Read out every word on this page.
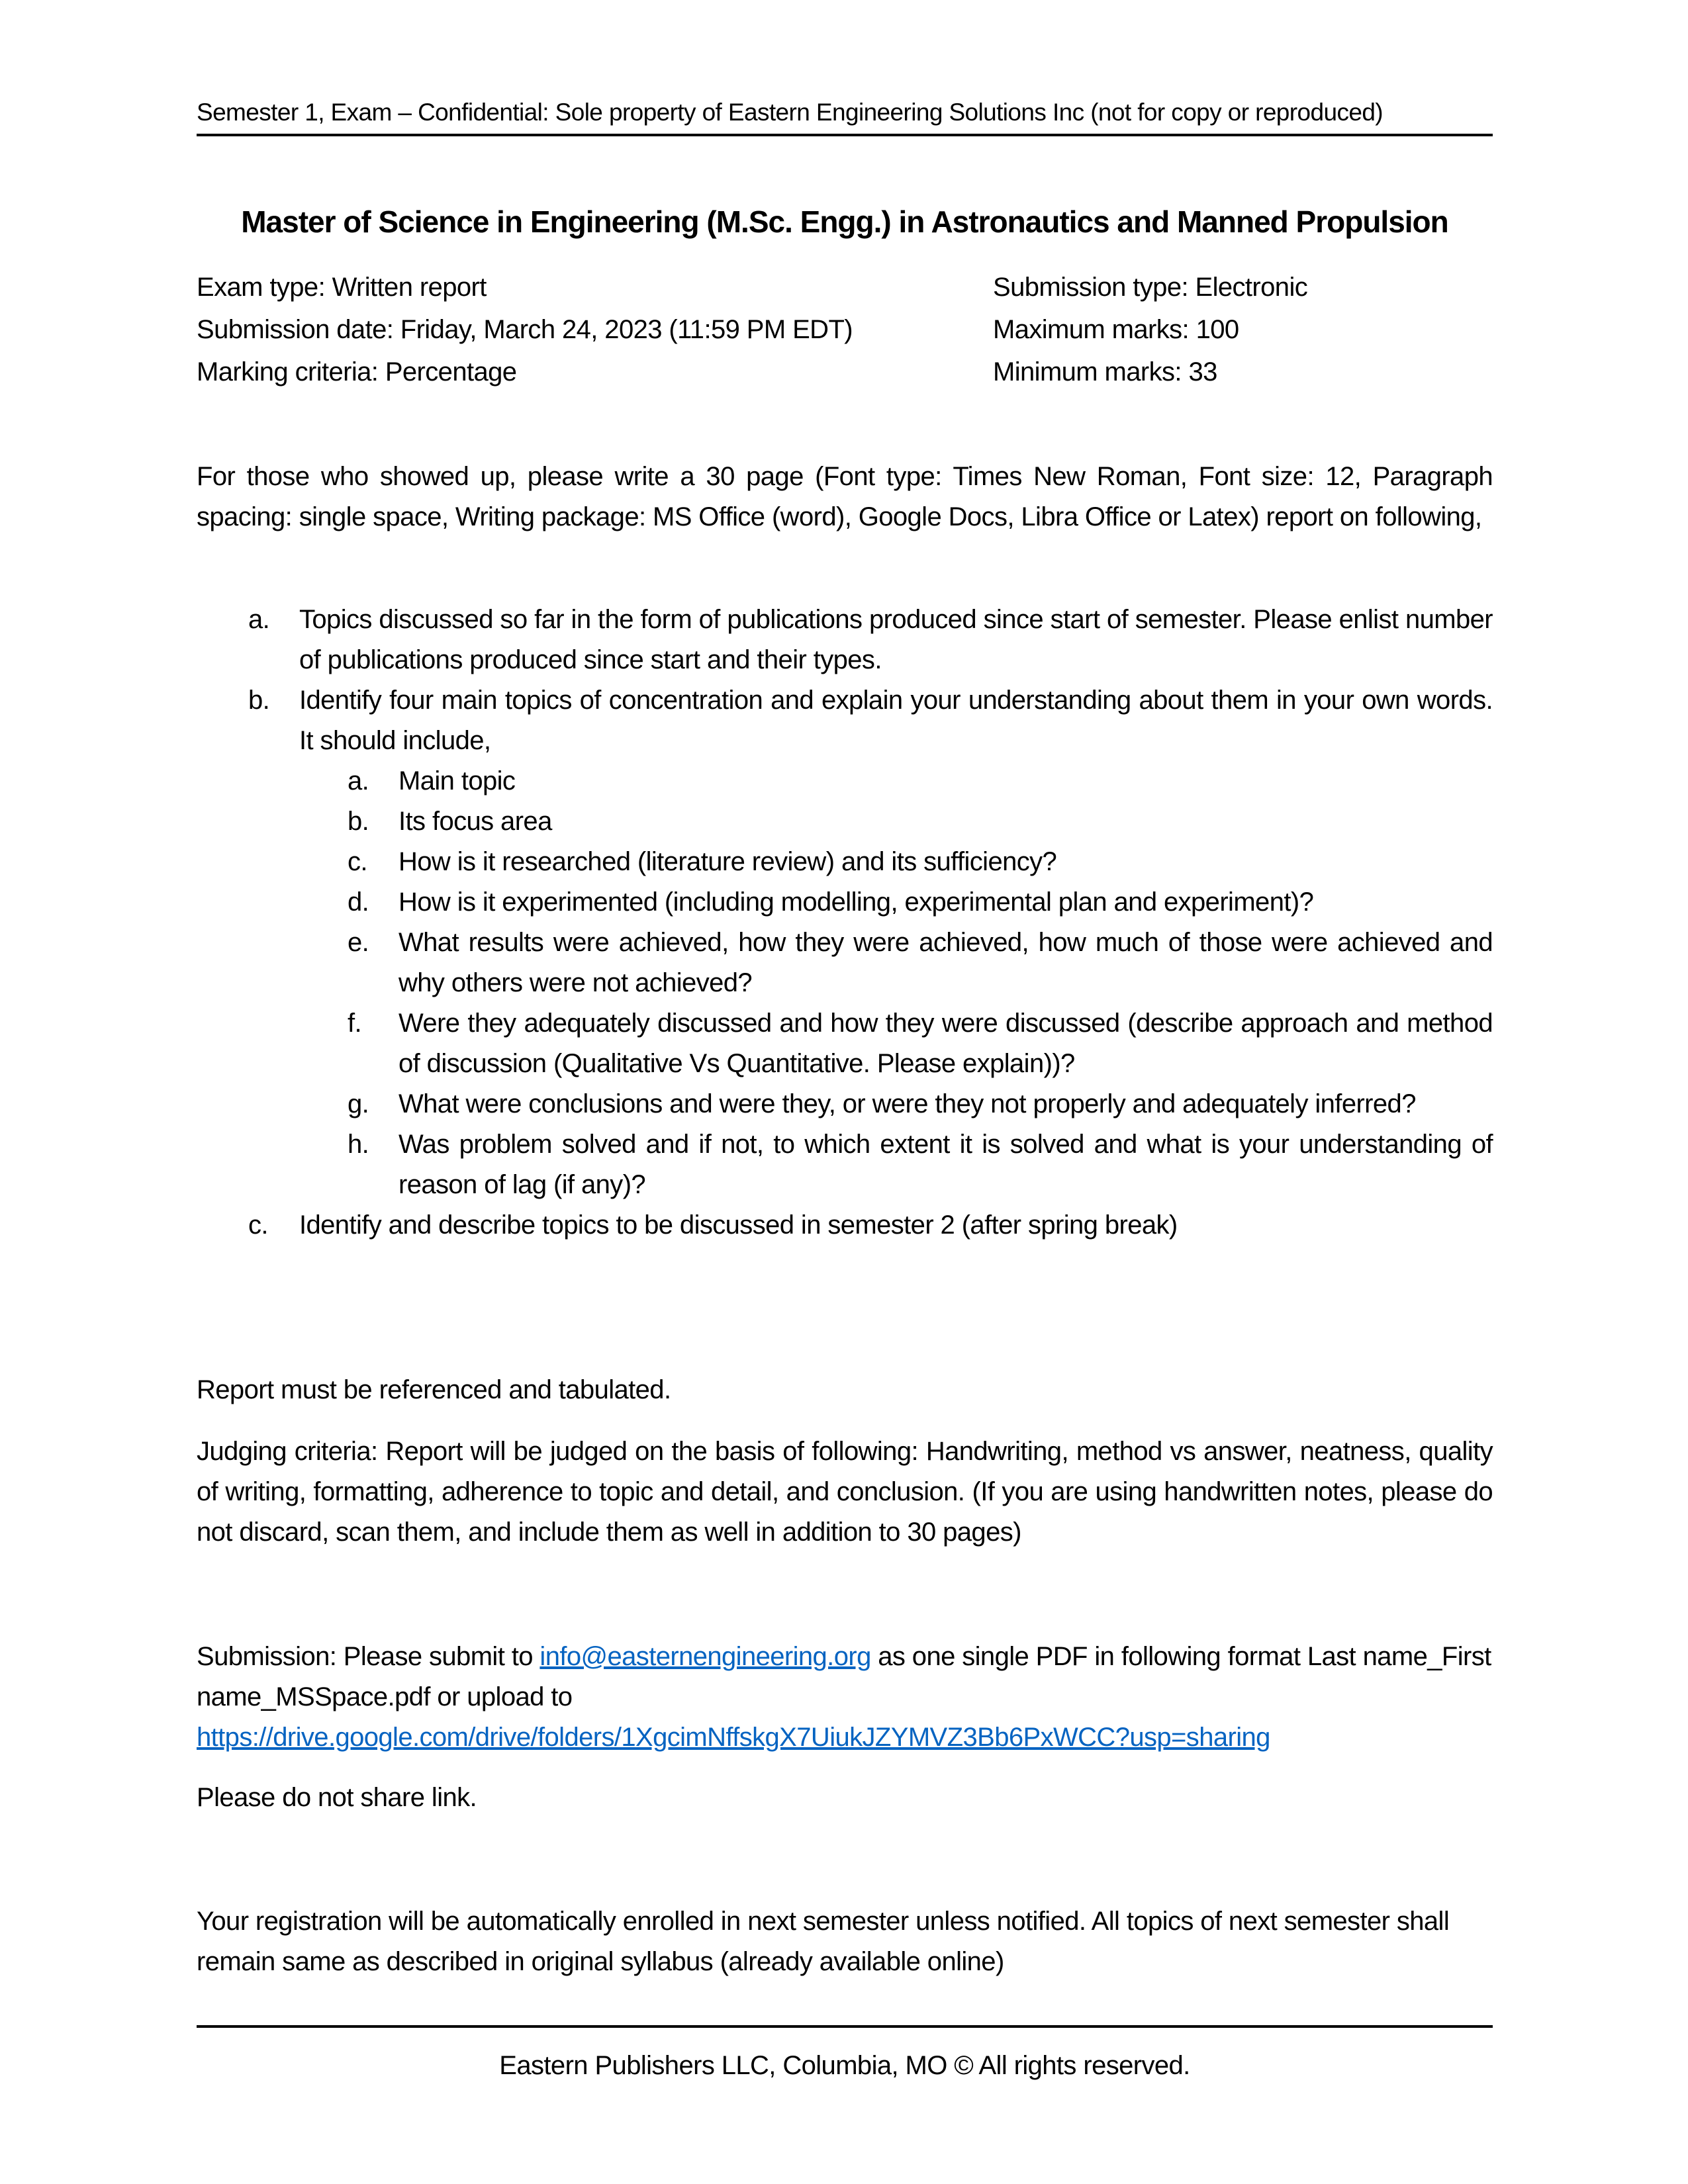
Semester 1, Exam – Confidential: Sole property of Eastern Engineering Solutions Inc (not for copy or reproduced)
Master of Science in Engineering (M.Sc. Engg.) in Astronautics and Manned Propulsion
Exam type: Written report
Submission date: Friday, March 24, 2023 (11:59 PM EDT)
Marking criteria: Percentage
Submission type: Electronic
Maximum marks: 100
Minimum marks: 33
For those who showed up, please write a 30 page (Font type: Times New Roman, Font size: 12, Paragraph spacing: single space, Writing package: MS Office (word), Google Docs, Libra Office or Latex) report on following,
a. Topics discussed so far in the form of publications produced since start of semester. Please enlist number of publications produced since start and their types.
b. Identify four main topics of concentration and explain your understanding about them in your own words. It should include,
a. Main topic
b. Its focus area
c. How is it researched (literature review) and its sufficiency?
d. How is it experimented (including modelling, experimental plan and experiment)?
e. What results were achieved, how they were achieved, how much of those were achieved and why others were not achieved?
f. Were they adequately discussed and how they were discussed (describe approach and method of discussion (Qualitative Vs Quantitative. Please explain))?
g. What were conclusions and were they, or were they not properly and adequately inferred?
h. Was problem solved and if not, to which extent it is solved and what is your understanding of reason of lag (if any)?
c. Identify and describe topics to be discussed in semester 2 (after spring break)
Report must be referenced and tabulated.
Judging criteria: Report will be judged on the basis of following: Handwriting, method vs answer, neatness, quality of writing, formatting, adherence to topic and detail, and conclusion. (If you are using handwritten notes, please do not discard, scan them, and include them as well in addition to 30 pages)
Submission: Please submit to info@easternengineering.org as one single PDF in following format Last name_First name_MSSpace.pdf or upload to
https://drive.google.com/drive/folders/1XgcimNffskgX7UiukJZYMVZ3Bb6PxWCC?usp=sharing
Please do not share link.
Your registration will be automatically enrolled in next semester unless notified. All topics of next semester shall remain same as described in original syllabus (already available online)
Eastern Publishers LLC, Columbia, MO © All rights reserved.
